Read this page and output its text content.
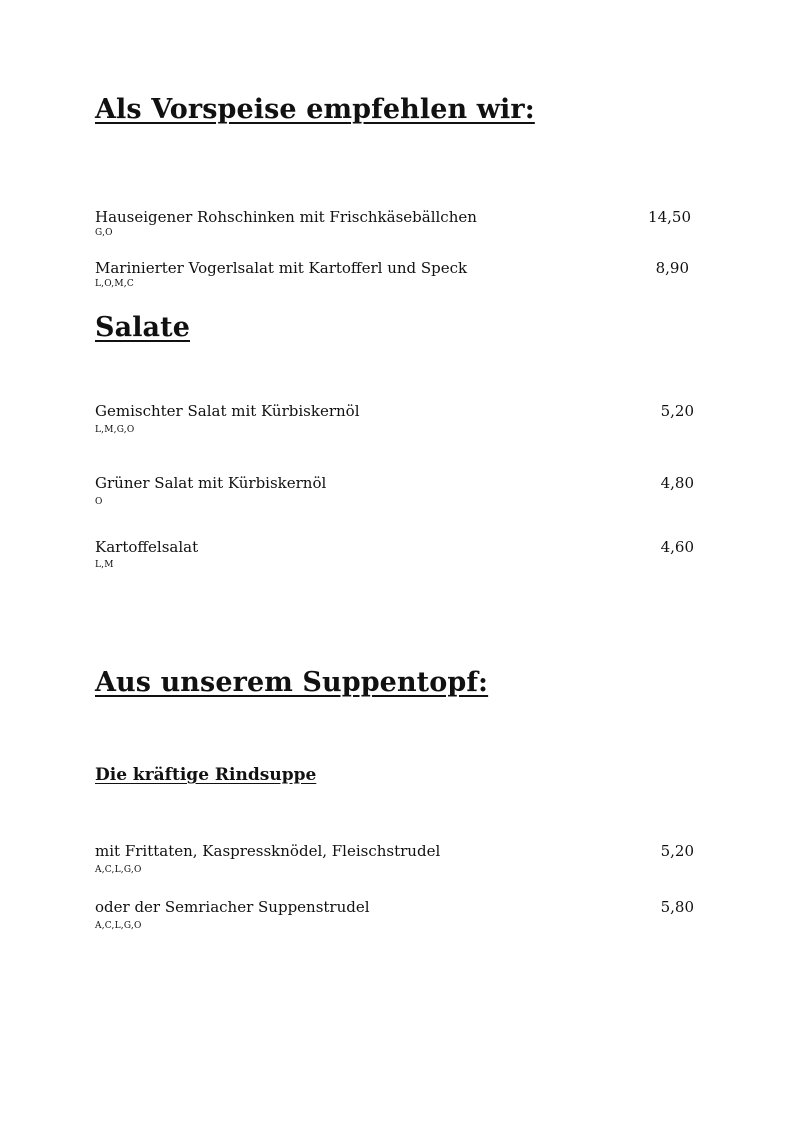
Als Vorspeise empfehlen wir:
Hauseigener Rohschinken mit Frischkäsebällchen	14,50
G,O
Marinierter Vogerlsalat mit Kartofferl und Speck	8,90
L,O,M,C
Salate
Gemischter Salat mit Kürbiskernöl	5,20
L,M,G,O
Grüner Salat mit Kürbiskernöl	4,80
O
Kartoffelsalat	4,60
L,M
Aus unserem Suppentopf:
Die kräftige Rindsuppe
mit Frittaten, Kaspressknödel, Fleischstrudel	5,20
A,C,L,G,O
oder der Semriacher Suppenstrudel	5,80
A,C,L,G,O
